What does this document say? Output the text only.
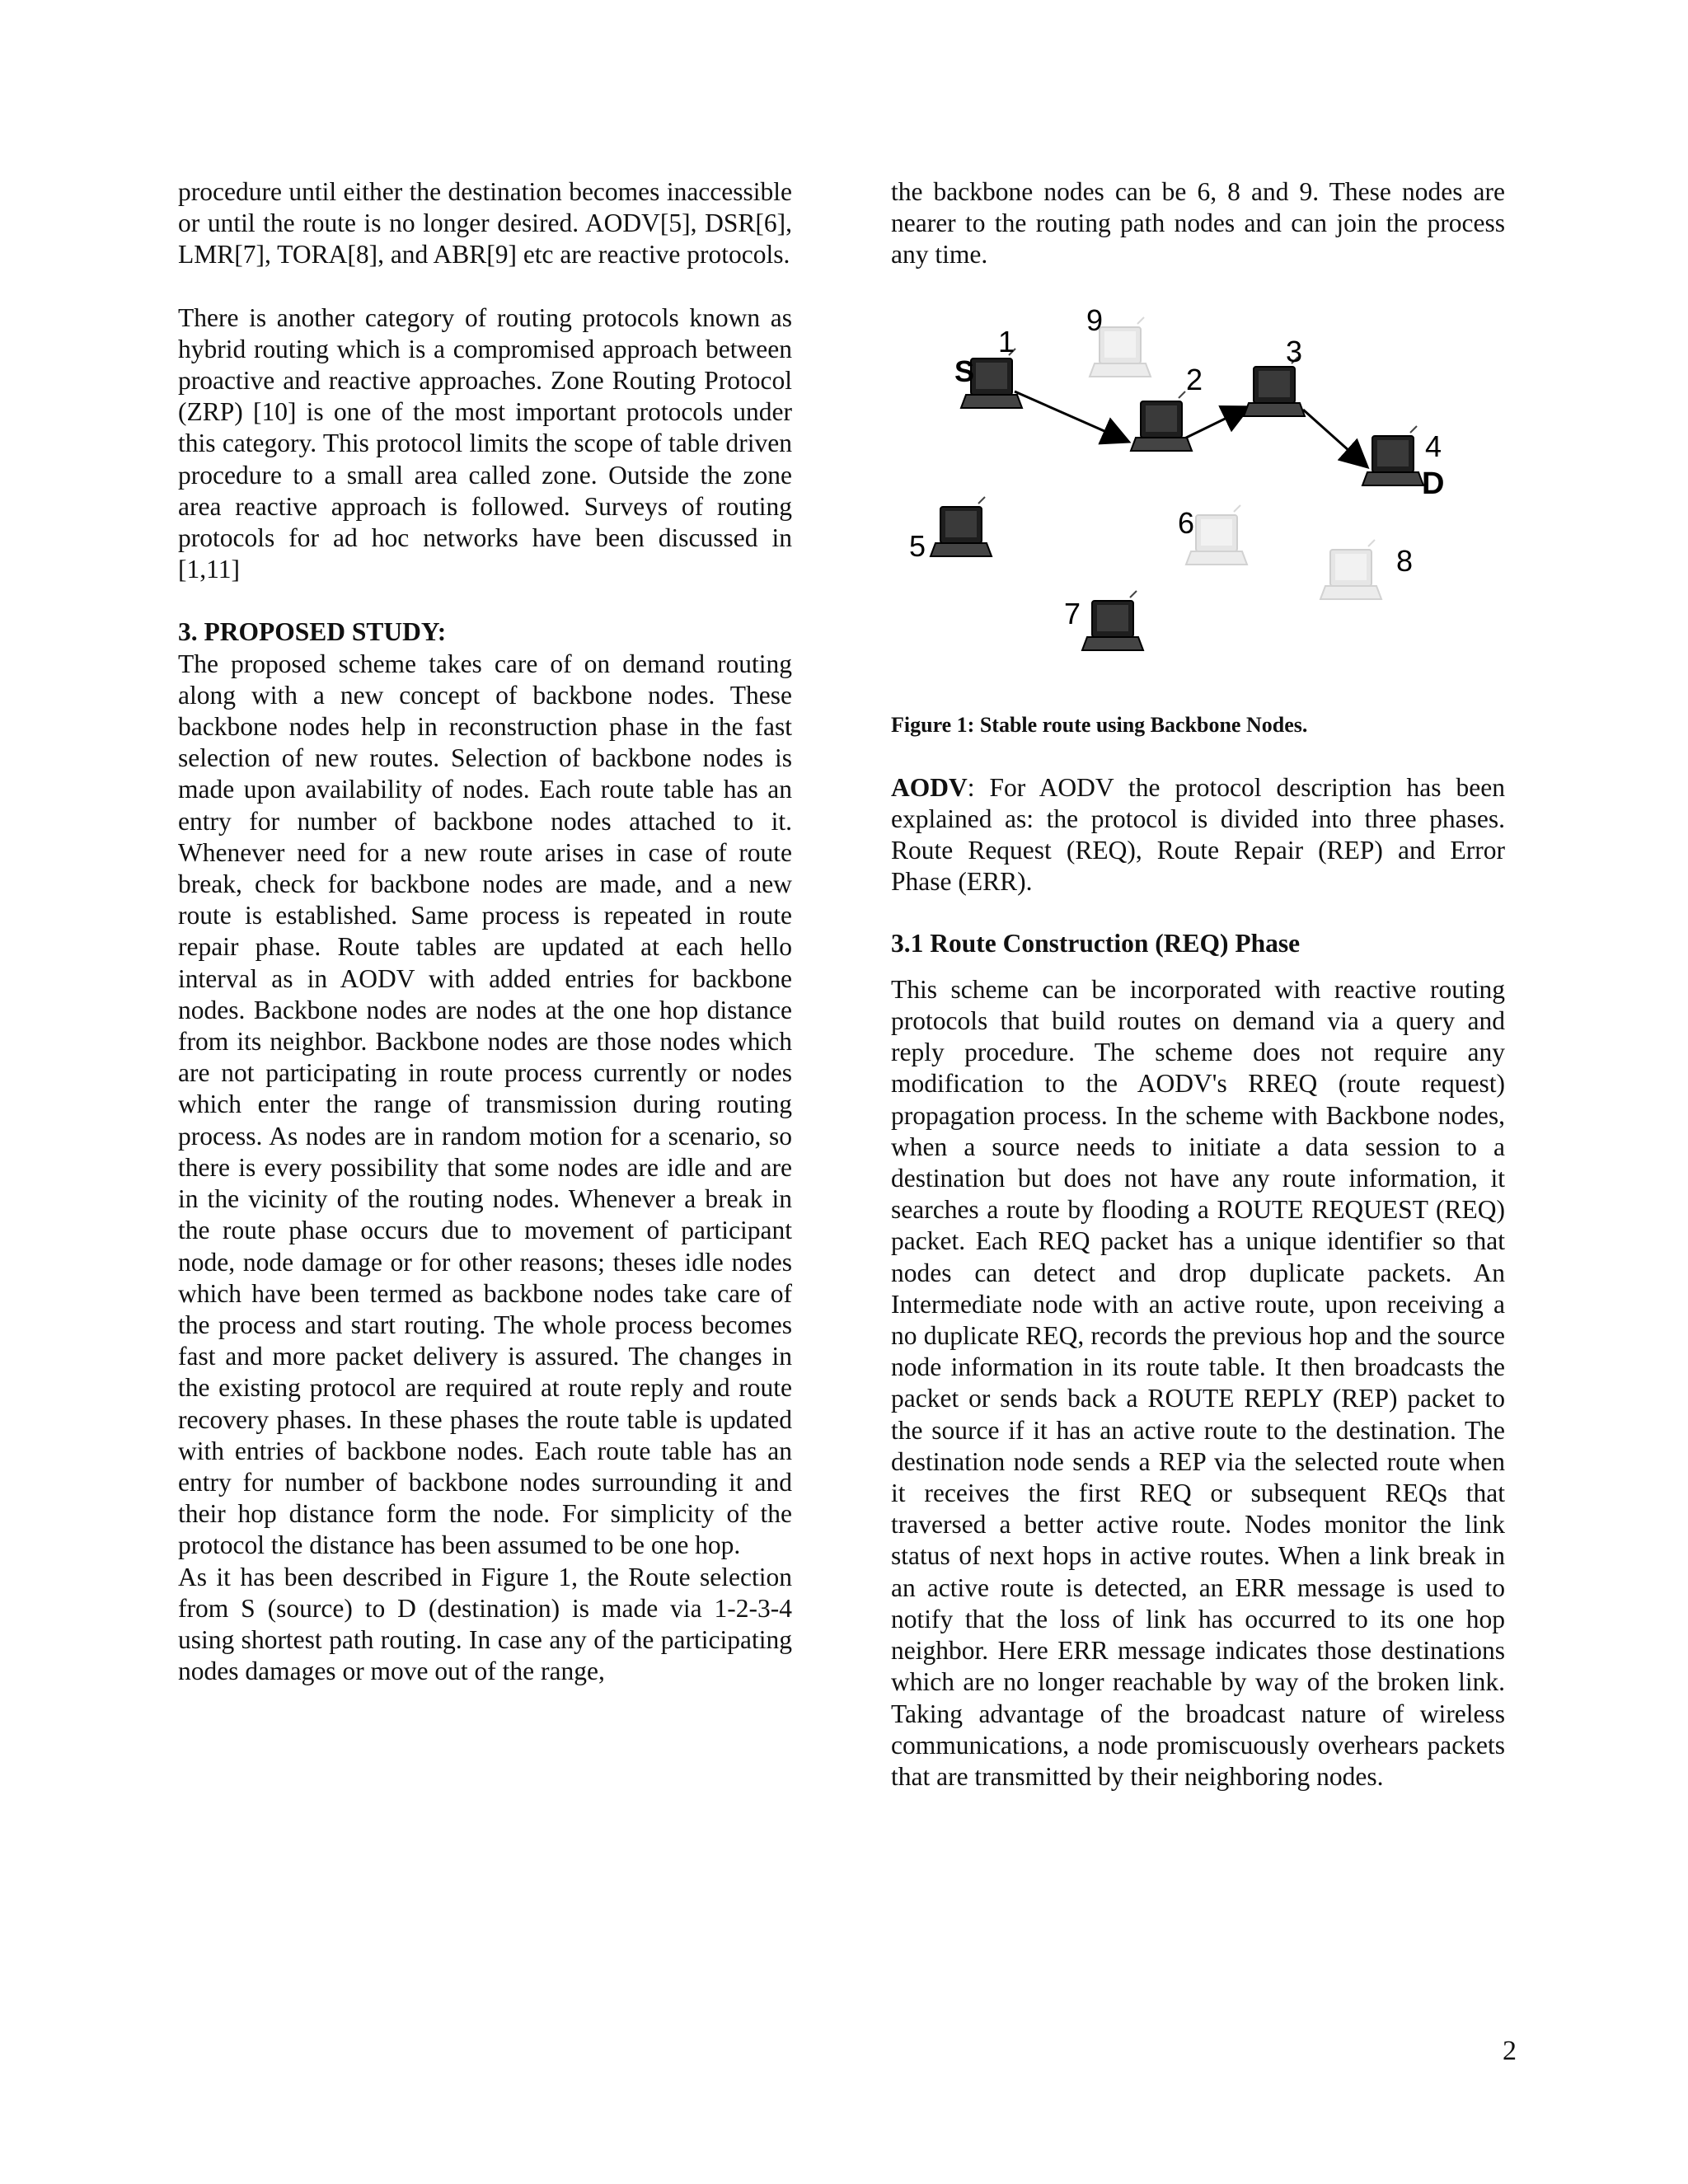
procedure until either the destination becomes inaccessible or until the route is no longer desired. AODV[5], DSR[6], LMR[7], TORA[8], and ABR[9] etc are reactive protocols.

There is another category of routing protocols known as hybrid routing which is a compromised approach between proactive and reactive approaches. Zone Routing Protocol (ZRP) [10] is one of the most important protocols under this category. This protocol limits the scope of table driven procedure to a small area called zone. Outside the zone area reactive approach is followed. Surveys of routing protocols for ad hoc networks have been discussed in [1,11]

3. PROPOSED STUDY:

The proposed scheme takes care of on demand routing along with a new concept of backbone nodes. These backbone nodes help in reconstruction phase in the fast selection of new routes. Selection of backbone nodes is made upon availability of nodes. Each route table has an entry for number of backbone nodes attached to it. Whenever need for a new route arises in case of route break, check for backbone nodes are made, and a new route is established. Same process is repeated in route repair phase. Route tables are updated at each hello interval as in AODV with added entries for backbone nodes. Backbone nodes are nodes at the one hop distance from its neighbor. Backbone nodes are those nodes which are not participating in route process currently or nodes which enter the range of transmission during routing process. As nodes are in random motion for a scenario, so there is every possibility that some nodes are idle and are in the vicinity of the routing nodes. Whenever a break in the route phase occurs due to movement of participant node, node damage or for other reasons; theses idle nodes which have been termed as backbone nodes take care of the process and start routing. The whole process becomes fast and more packet delivery is assured. The changes in the existing protocol are required at route reply and route recovery phases. In these phases the route table is updated with entries of backbone nodes. Each route table has an entry for number of backbone nodes surrounding it and their hop distance form the node. For simplicity of the protocol the distance has been assumed to be one hop.

As it has been described in Figure 1, the Route selection from S (source) to D (destination) is made via 1-2-3-4 using shortest path routing. In case any of the participating nodes damages or move out of the range,

the backbone nodes can be 6, 8 and 9. These nodes are nearer to the routing path nodes and can join the process any time.

1
S
9
2
3
4
D
6
5	8
7

Figure 1: Stable route using Backbone Nodes.

AODV: For AODV the protocol description has been explained as: the protocol is divided into three phases. Route Request (REQ), Route Repair (REP) and Error Phase (ERR).

3.1 Route Construction (REQ) Phase

This scheme can be incorporated with reactive routing protocols that build routes on demand via a query and reply procedure. The scheme does not require any modification to the AODV's RREQ (route request) propagation process. In the scheme with Backbone nodes, when a source needs to initiate a data session to a destination but does not have any route information, it searches a route by flooding a ROUTE REQUEST (REQ) packet. Each REQ packet has a unique identifier so that nodes can detect and drop duplicate packets. An Intermediate node with an active route, upon receiving a no duplicate REQ, records the previous hop and the source node information in its route table. It then broadcasts the packet or sends back a ROUTE REPLY (REP) packet to the source if it has an active route to the destination. The destination node sends a REP via the selected route when it receives the first REQ or subsequent REQs that traversed a better active route. Nodes monitor the link status of next hops in active routes. When a link break in an active route is detected, an ERR message is used to notify that the loss of link has occurred to its one hop neighbor. Here ERR message indicates those destinations which are no longer reachable by way of the broken link. Taking advantage of the broadcast nature of wireless communications, a node promiscuously overhears packets that are transmitted by their neighboring nodes.

2
